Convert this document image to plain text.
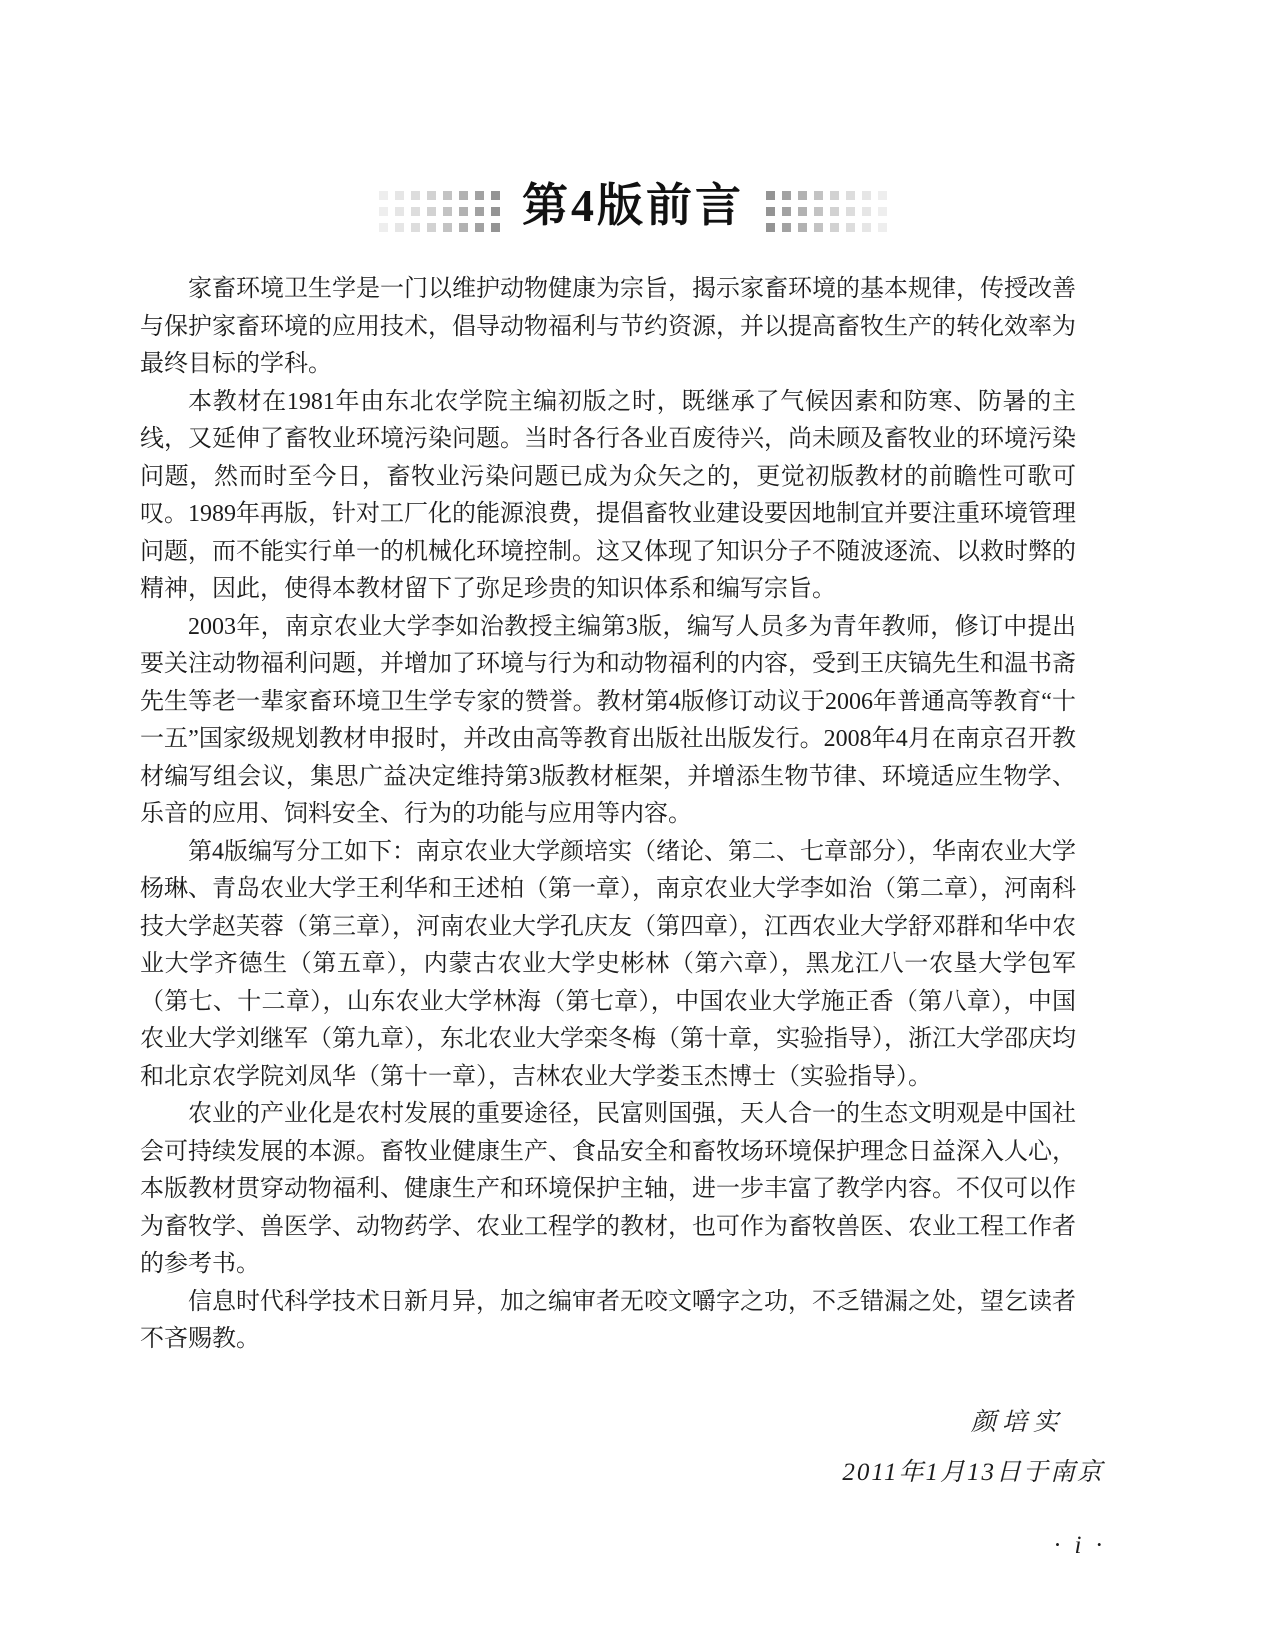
第4版前言

家畜环境卫生学是一门以维护动物健康为宗旨，揭示家畜环境的基本规律，传授改善与保护家畜环境的应用技术，倡导动物福利与节约资源，并以提高畜牧生产的转化效率为最终目标的学科。

本教材在1981年由东北农学院主编初版之时，既继承了气候因素和防寒、防暑的主线，又延伸了畜牧业环境污染问题。当时各行各业百废待兴，尚未顾及畜牧业的环境污染问题，然而时至今日，畜牧业污染问题已成为众矢之的，更觉初版教材的前瞻性可歌可叹。1989年再版，针对工厂化的能源浪费，提倡畜牧业建设要因地制宜并要注重环境管理问题，而不能实行单一的机械化环境控制。这又体现了知识分子不随波逐流、以救时弊的精神，因此，使得本教材留下了弥足珍贵的知识体系和编写宗旨。

2003年，南京农业大学李如治教授主编第3版，编写人员多为青年教师，修订中提出要关注动物福利问题，并增加了环境与行为和动物福利的内容，受到王庆镐先生和温书斋先生等老一辈家畜环境卫生学专家的赞誉。教材第4版修订动议于2006年普通高等教育“十一五”国家级规划教材申报时，并改由高等教育出版社出版发行。2008年4月在南京召开教材编写组会议，集思广益决定维持第3版教材框架，并增添生物节律、环境适应生物学、乐音的应用、饲料安全、行为的功能与应用等内容。

第4版编写分工如下：南京农业大学颜培实（绪论、第二、七章部分），华南农业大学杨琳、青岛农业大学王利华和王述柏（第一章），南京农业大学李如治（第二章），河南科技大学赵芙蓉（第三章），河南农业大学孔庆友（第四章），江西农业大学舒邓群和华中农业大学齐德生（第五章），内蒙古农业大学史彬林（第六章），黑龙江八一农垦大学包军（第七、十二章），山东农业大学林海（第七章），中国农业大学施正香（第八章），中国农业大学刘继军（第九章），东北农业大学栾冬梅（第十章，实验指导），浙江大学邵庆均和北京农学院刘凤华（第十一章），吉林农业大学娄玉杰博士（实验指导）。

农业的产业化是农村发展的重要途径，民富则国强，天人合一的生态文明观是中国社会可持续发展的本源。畜牧业健康生产、食品安全和畜牧场环境保护理念日益深入人心，本版教材贯穿动物福利、健康生产和环境保护主轴，进一步丰富了教学内容。不仅可以作为畜牧学、兽医学、动物药学、农业工程学的教材，也可作为畜牧兽医、农业工程工作者的参考书。

信息时代科学技术日新月异，加之编审者无咬文嚼字之功，不乏错漏之处，望乞读者不吝赐教。

颜培实
2011年1月13日于南京
· i ·
